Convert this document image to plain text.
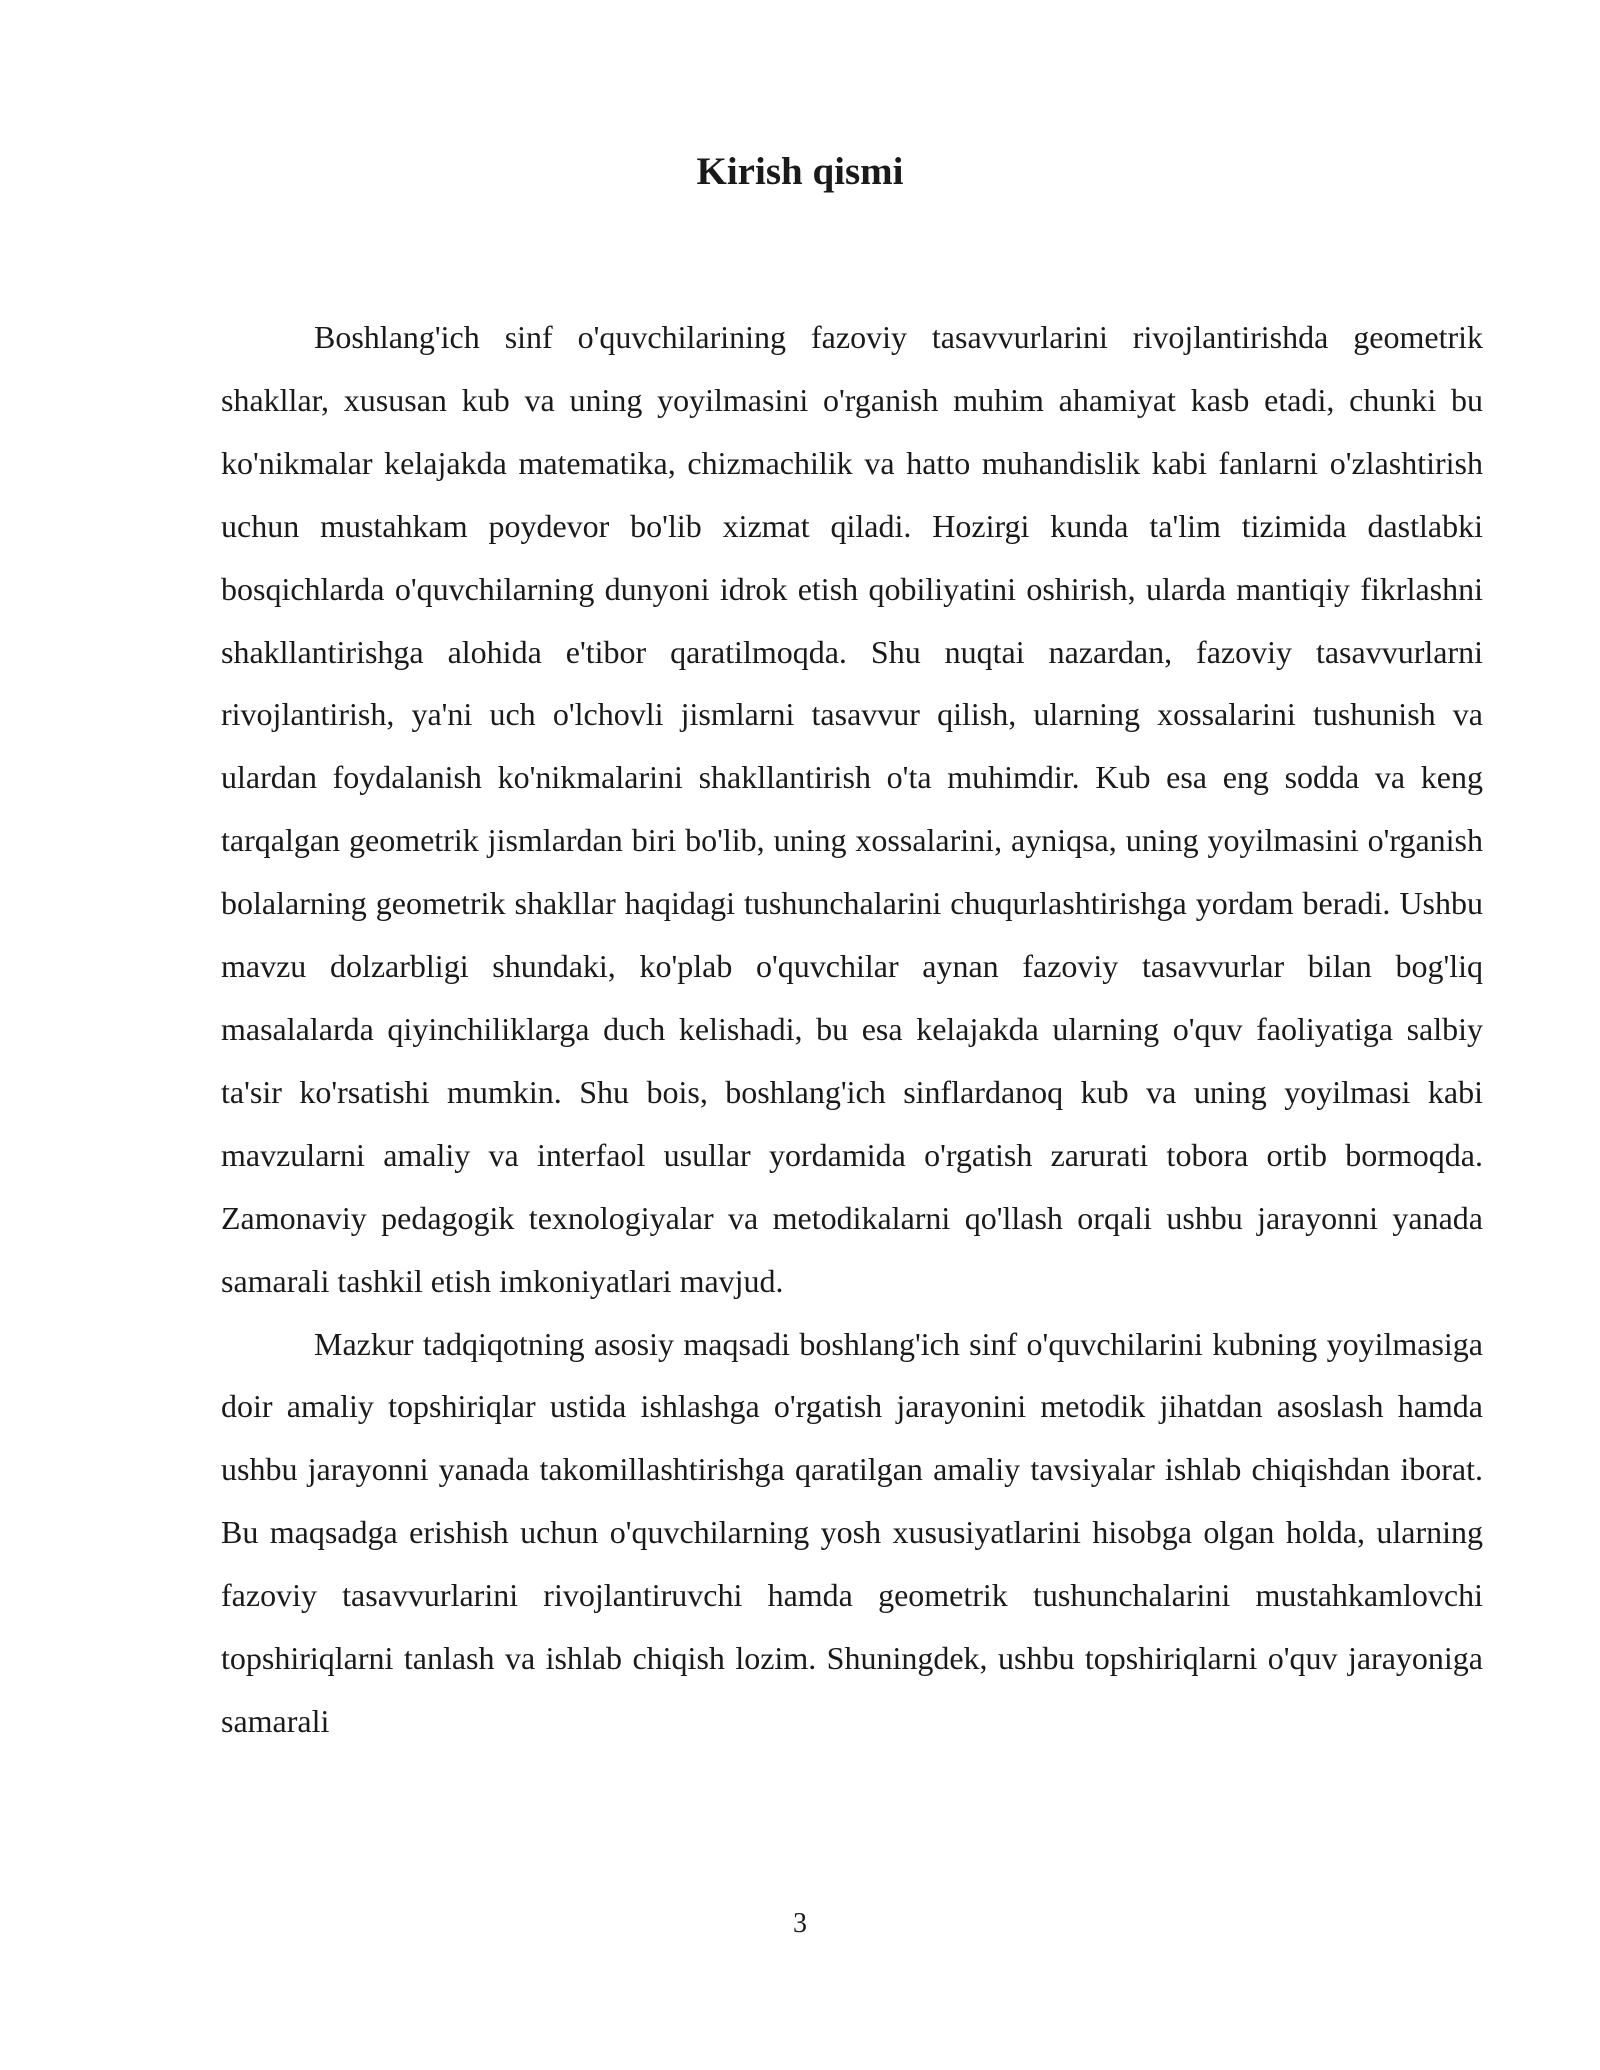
Kirish qismi

Boshlang'ich sinf o'quvchilarining fazoviy tasavvurlarini rivojlantirishda geometrik shakllar, xususan kub va uning yoyilmasini o'rganish muhim ahamiyat kasb etadi, chunki bu ko'nikmalar kelajakda matematika, chizmachilik va hatto muhandislik kabi fanlarni o'zlashtirish uchun mustahkam poydevor bo'lib xizmat qiladi. Hozirgi kunda ta'lim tizimida dastlabki bosqichlarda o'quvchilarning dunyoni idrok etish qobiliyatini oshirish, ularda mantiqiy fikrlashni shakllantirishga alohida e'tibor qaratilmoqda. Shu nuqtai nazardan, fazoviy tasavvurlarni rivojlantirish, ya'ni uch o'lchovli jismlarni tasavvur qilish, ularning xossalarini tushunish va ulardan foydalanish ko'nikmalarini shakllantirish o'ta muhimdir. Kub esa eng sodda va keng tarqalgan geometrik jismlardan biri bo'lib, uning xossalarini, ayniqsa, uning yoyilmasini o'rganish bolalarning geometrik shakllar haqidagi tushunchalarini chuqurlashtirishga yordam beradi. Ushbu mavzu dolzarbligi shundaki, ko'plab o'quvchilar aynan fazoviy tasavvurlar bilan bog'liq masalalarda qiyinchiliklarga duch kelishadi, bu esa kelajakda ularning o'quv faoliyatiga salbiy ta'sir ko'rsatishi mumkin. Shu bois, boshlang'ich sinflardanoq kub va uning yoyilmasi kabi mavzularni amaliy va interfaol usullar yordamida o'rgatish zarurati tobora ortib bormoqda. Zamonaviy pedagogik texnologiyalar va metodikalarni qo'llash orqali ushbu jarayonni yanada samarali tashkil etish imkoniyatlari mavjud.

Mazkur tadqiqotning asosiy maqsadi boshlang'ich sinf o'quvchilarini kubning yoyilmasiga doir amaliy topshiriqlar ustida ishlashga o'rgatish jarayonini metodik jihatdan asoslash hamda ushbu jarayonni yanada takomillashtirishga qaratilgan amaliy tavsiyalar ishlab chiqishdan iborat. Bu maqsadga erishish uchun o'quvchilarning yosh xususiyatlarini hisobga olgan holda, ularning fazoviy tasavvurlarini rivojlantiruvchi hamda geometrik tushunchalarini mustahkamlovchi topshiriqlarni tanlash va ishlab chiqish lozim. Shuningdek, ushbu topshiriqlarni o'quv jarayoniga samarali

3
